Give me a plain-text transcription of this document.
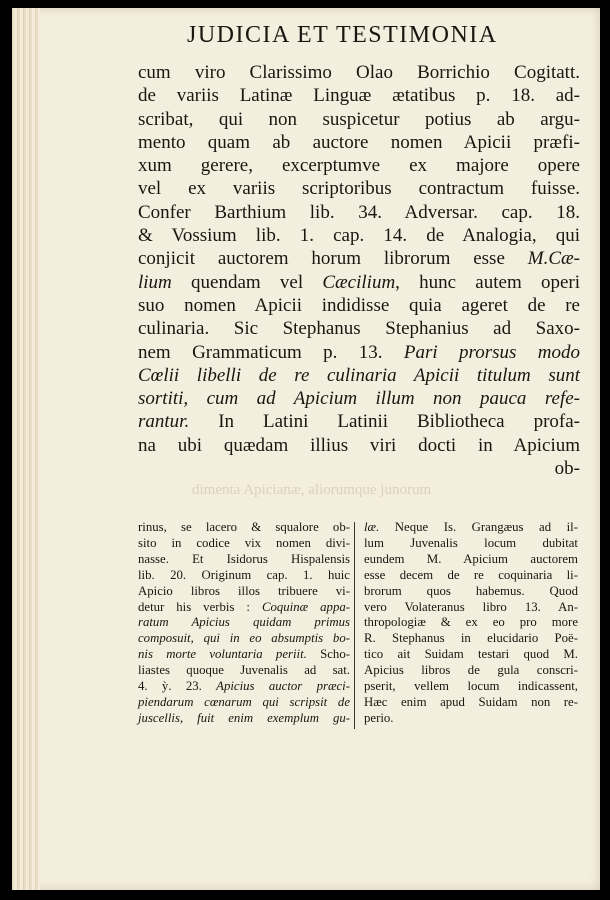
JUDICIA ET TESTIMONIA
dimenta Apicianæ, aliorumque junorum
cum viro Clarissimo Olao Borrichio Cogitatt.
de variis Latinæ Linguæ ætatibus p. 18. ad-
scribat, qui non suspicetur potius ab argu-
mento quam ab auctore nomen Apicii præfi-
xum gerere, excerptumve ex majore opere
vel ex variis scriptoribus contractum fuisse.
Confer Barthium lib. 34. Adversar. cap. 18.
& Vossium lib. 1. cap. 14. de Analogia, qui
conjicit auctorem horum librorum esse M.Cæ-
lium quendam vel Cæcilium, hunc autem operi
suo nomen Apicii indidisse quia ageret de re
culinaria. Sic Stephanus Stephanius ad Saxo-
nem Grammaticum p. 13. Pari prorsus modo
Cœlii libelli de re culinaria Apicii titulum sunt
sortiti, cum ad Apicium illum non pauca refe-
rantur. In Latini Latinii Bibliotheca profa-
na ubi quædam illius viri docti in Apicium
ob-
rinus, se lacero & squalore ob-
sito in codice vix nomen divi-
nasse. Et Isidorus Hispalensis
lib. 20. Originum cap. 1. huic
Apicio libros illos tribuere vi-
detur his verbis : Coquinæ appa-
ratum Apicius quidam primus
composuit, qui in eo absumptis bo-
nis morte voluntaria periit. Scho-
liastes quoque Juvenalis ad sat.
4. ỳ. 23. Apicius auctor præci-
piendarum cœnarum qui scripsit de
juscellis, fuit enim exemplum gu-
læ. Neque Is. Grangæus ad il-
lum Juvenalis locum dubitat
eundem M. Apicium auctorem
esse decem de re coquinaria li-
brorum quos habemus. Quod
vero Volateranus libro 13. An-
thropologiæ & ex eo pro more
R. Stephanus in elucidario Poë-
tico ait Suidam testari quod M.
Apicius libros de gula conscri-
pserit, vellem locum indicassent,
Hæc enim apud Suidam non re-
perio.
